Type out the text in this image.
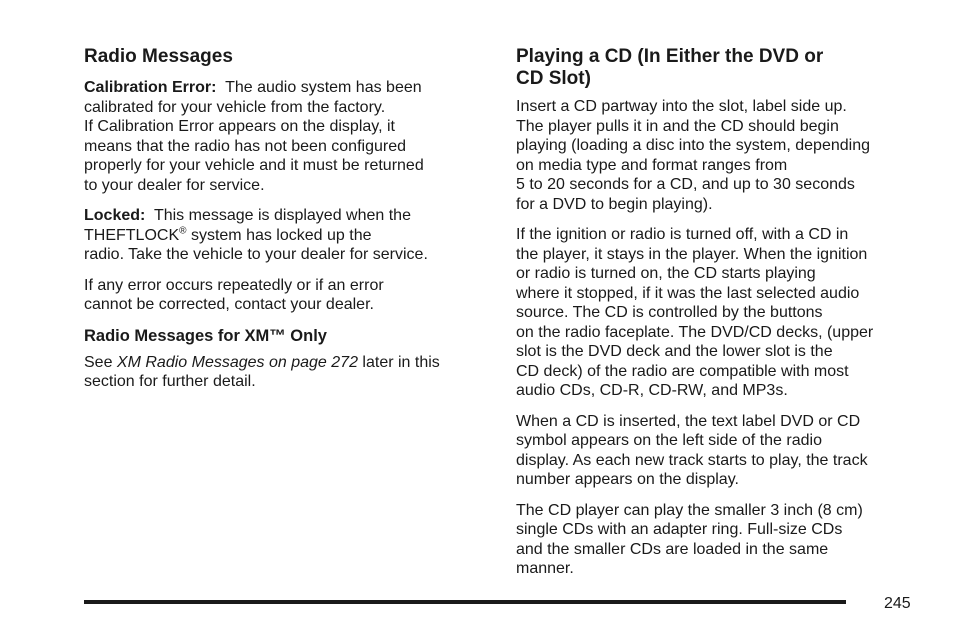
Radio Messages

Calibration Error: The audio system has been
calibrated for your vehicle from the factory.
If Calibration Error appears on the display, it
means that the radio has not been configured
properly for your vehicle and it must be returned
to your dealer for service.

Locked: This message is displayed when the
THEFTLOCK® system has locked up the
radio. Take the vehicle to your dealer for service.

If any error occurs repeatedly or if an error
cannot be corrected, contact your dealer.

Radio Messages for XM™ Only

See XM Radio Messages on page 272 later in this
section for further detail.

Playing a CD (In Either the DVD or
CD Slot)

Insert a CD partway into the slot, label side up.
The player pulls it in and the CD should begin
playing (loading a disc into the system, depending
on media type and format ranges from
5 to 20 seconds for a CD, and up to 30 seconds
for a DVD to begin playing).

If the ignition or radio is turned off, with a CD in
the player, it stays in the player. When the ignition
or radio is turned on, the CD starts playing
where it stopped, if it was the last selected audio
source. The CD is controlled by the buttons
on the radio faceplate. The DVD/CD decks, (upper
slot is the DVD deck and the lower slot is the
CD deck) of the radio are compatible with most
audio CDs, CD-R, CD-RW, and MP3s.

When a CD is inserted, the text label DVD or CD
symbol appears on the left side of the radio
display. As each new track starts to play, the track
number appears on the display.

The CD player can play the smaller 3 inch (8 cm)
single CDs with an adapter ring. Full-size CDs
and the smaller CDs are loaded in the same
manner.

245
